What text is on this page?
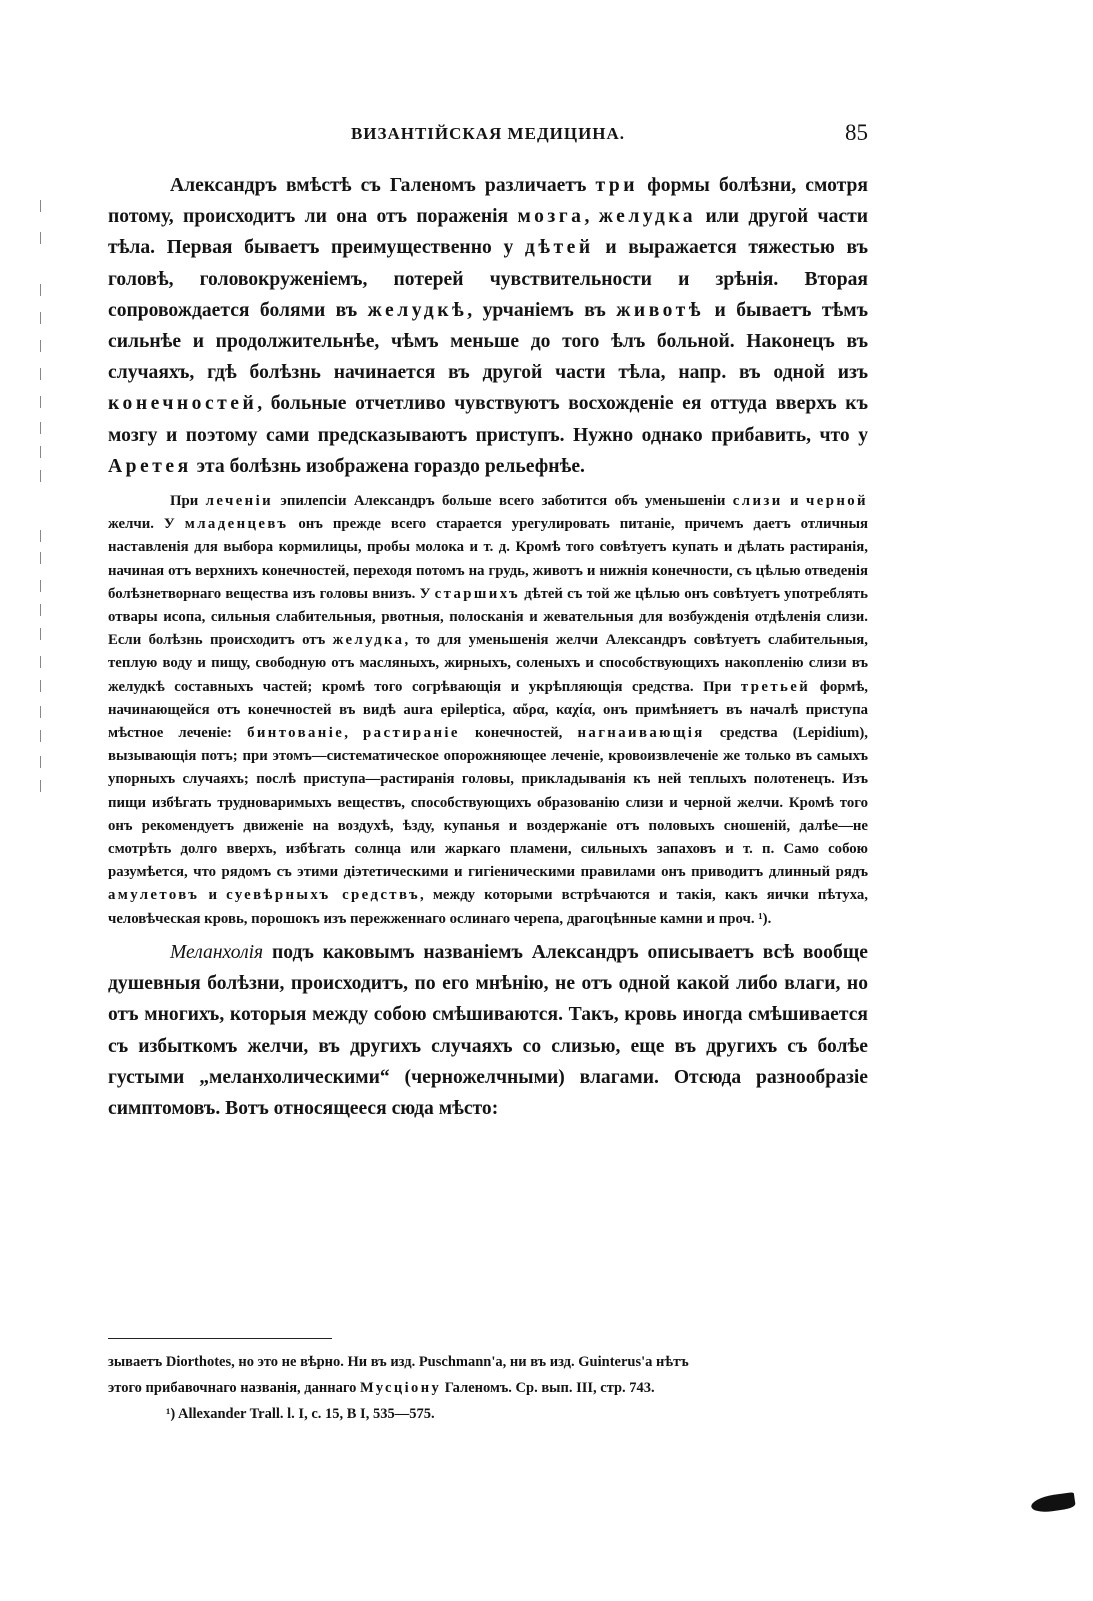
ВИЗАНТІЙСКАЯ МЕДИЦИНА.	85

Александръ вмѣстѣ съ Галеномъ различаетъ три формы болѣзни, смотря потому, происходитъ ли она отъ пораженія мозга, желудка или другой части тѣла. Первая бываетъ преимущественно у дѣтей и выражается тяжестью въ головѣ, головокруженіемъ, потерей чувствительности и зрѣнія. Вторая сопровождается болями въ желудкѣ, урчаніемъ въ животѣ и бываетъ тѣмъ сильнѣе и продолжительнѣе, чѣмъ меньше до того ѣлъ больной. Наконецъ въ случаяхъ, гдѣ болѣзнь начинается въ другой части тѣла, напр. въ одной изъ конечностей, больные отчетливо чувствуютъ восхожденіе ея оттуда вверхъ къ мозгу и поэтому сами предсказываютъ приступъ. Нужно однако прибавить, что у Аретея эта болѣзнь изображена гораздо рельефнѣе.

При леченіи эпилепсіи Александръ больше всего заботится объ уменьшеніи слизи и черной желчи. У младенцевъ онъ прежде всего старается урегулировать питаніе, причемъ даетъ отличныя наставленія для выбора кормилицы, пробы молока и т. д. Кромѣ того совѣтуетъ купать и дѣлать растиранія, начиная отъ верхнихъ конечностей, переходя потомъ на грудь, животъ и нижнія конечности, съ цѣлью отведенія болѣзнетворнаго вещества изъ головы внизъ. У старшихъ дѣтей съ той же цѣлью онъ совѣтуетъ употреблять отвары исопа, сильныя слабительныя, рвотныя, полосканія и жевательныя для возбужденія отдѣленія слизи. Если болѣзнь происходитъ отъ желудка, то для уменьшенія желчи Александръ совѣтуетъ слабительныя, теплую воду и пищу, свободную отъ масляныхъ, жирныхъ, соленыхъ и способствующихъ накопленію слизи въ желудкѣ составныхъ частей; кромѣ того согрѣвающія и укрѣпляющія средства. При третьей формѣ, начинающейся отъ конечностей въ видѣ aura epileptica, αὔρα, καχία, онъ примѣняетъ въ началѣ приступа мѣстное леченіе: бинтованіе, растираніе конечностей, нагнаивающія средства (Lepidium), вызывающія потъ; при этомъ—систематическое опорожняющее леченіе, кровоизвлеченіе же только въ самыхъ упорныхъ случаяхъ; послѣ приступа—растиранія головы, прикладыванія къ ней теплыхъ полотенецъ. Изъ пищи избѣгать трудноваримыхъ веществъ, способствующихъ образованію слизи и черной желчи. Кромѣ того онъ рекомендуетъ движеніе на воздухѣ, ѣзду, купанья и воздержаніе отъ половыхъ сношеній, далѣе—не смотрѣть долго вверхъ, избѣгать солнца или жаркаго пламени, сильныхъ запаховъ и т. п. Само собою разумѣется, что рядомъ съ этими діэтетическими и гигіеническими правилами онъ приводитъ длинный рядъ амулетовъ и суевѣрныхъ средствъ, между которыми встрѣчаются и такія, какъ яички пѣтуха, человѣческая кровь, порошокъ изъ пережженнаго ослинаго черепа, драгоцѣнные камни и проч. ¹).

Меланхолія подъ каковымъ названіемъ Александръ описываетъ всѣ вообще душевныя болѣзни, происходитъ, по его мнѣнію, не отъ одной какой либо влаги, но отъ многихъ, которыя между собою смѣшиваются. Такъ, кровь иногда смѣшивается съ избыткомъ желчи, въ другихъ случаяхъ со слизью, еще въ другихъ съ болѣе густыми „меланхолическими“ (черножелчными) влагами. Отсюда разнообразіе симптомовъ. Вотъ относящееся сюда мѣсто:

зываетъ Diorthotes, но это не вѣрно. Ни въ изд. Puschmann'а, ни въ изд. Guinterus'а нѣтъ

этого прибавочнаго названія, даннаго Мусціону Галеномъ. Ср. вып. III, стр. 743.

¹) Allexander Trall. l. I, c. 15, B I, 535—575.
